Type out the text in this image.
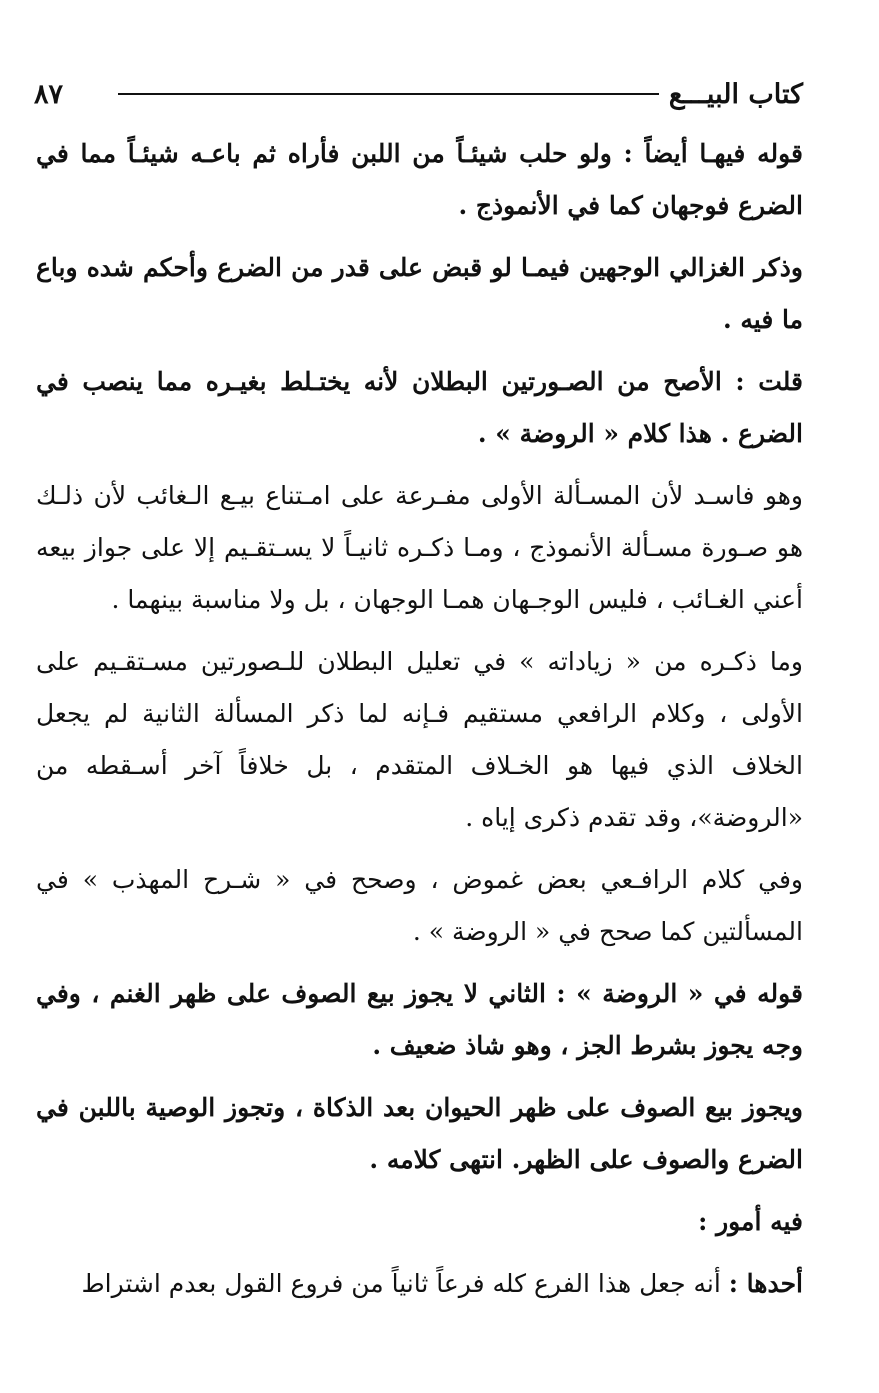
٨٧	كتاب البيـــع

قوله فيهـا أيضاً : ولو حلب شيئـاً من اللبن فأراه ثم باعـه شيئـاً مما في الضرع فوجهان كما في الأنموذج .

وذكر الغزالي الوجهين فيمـا لو قبض على قدر من الضرع وأحكم شده وباع ما فيه .

قلت : الأصح من الصـورتين البطلان لأنه يختـلط بغيـره مما ينصب في الضرع . هذا كلام « الروضة » .

وهو فاسـد لأن المسـألة الأولى مفـرعة على امـتناع بيـع الـغائب لأن ذلـك هو صـورة مسـألة الأنموذج ، ومـا ذكـره ثانيـاً لا يسـتقـيم إلا على جواز بيعه أعني الغـائب ، فليس الوجـهان همـا الوجهان ، بل ولا مناسبة بينهما .

وما ذكـره من « زياداته » في تعليل البطلان للـصورتين مسـتقـيم على الأولى ، وكلام الرافعي مستقيم فـإنه لما ذكر المسألة الثانية لم يجعل الخلاف الذي فيها هو الخـلاف المتقدم ، بل خلافاً آخر أسـقطه من «الروضة»، وقد تقدم ذكرى إياه .

وفي كلام الرافـعي بعض غموض ، وصحح في « شـرح المهذب » في المسألتين كما صحح في « الروضة » .

قوله في « الروضة » : الثاني لا يجوز بيع الصوف على ظهر الغنم ، وفي وجه يجوز بشرط الجز ، وهو شاذ ضعيف .

ويجوز بيع الصوف على ظهر الحيوان بعد الذكاة ، وتجوز الوصية باللبن في الضرع والصوف على الظهر. انتهى كلامه .

فيه أمور :

أحدها : أنه جعل هذا الفرع كله فرعاً ثانياً من فروع القول بعدم اشتراط
